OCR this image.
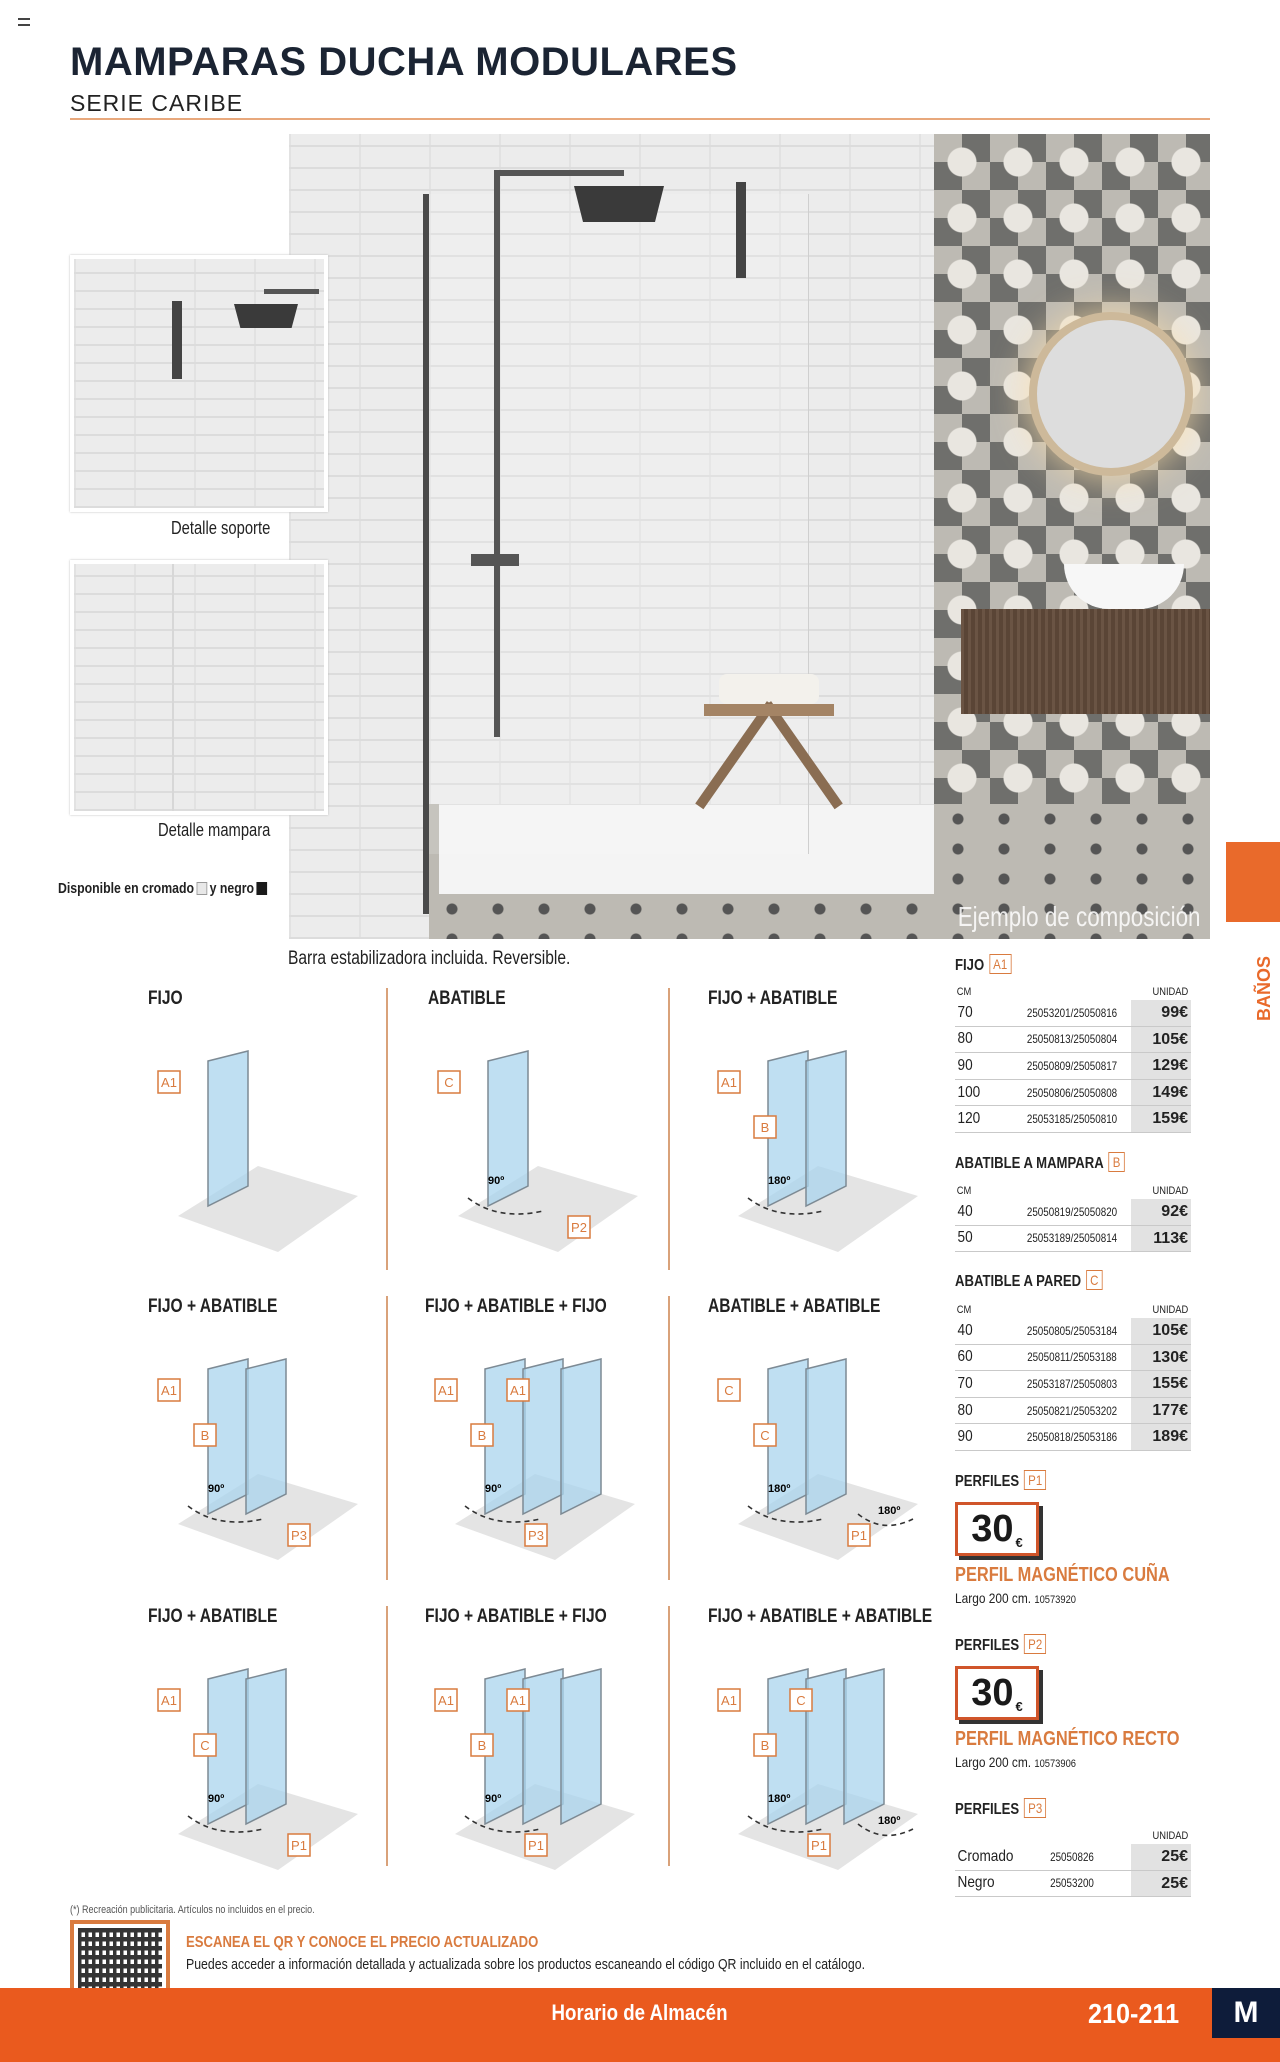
MAMPARAS DUCHA MODULARES
SERIE CARIBE
Ejemplo de composición
Detalle soporte
Detalle mampara
Disponible en cromado y negro
Barra estabilizadora incluida. Reversible.
FIJO
A1
ABATIBLE
C
P2
90º
FIJO + ABATIBLE
A1
B
180º
FIJO + ABATIBLE
A1
B
P3
90º
FIJO + ABATIBLE + FIJO
A1
B
A1
P3
90º
ABATIBLE + ABATIBLE
C
C
P1
180º
180º
FIJO + ABATIBLE
A1
C
P1
90º
FIJO + ABATIBLE + FIJO
A1
B
A1
P1
90º
FIJO + ABATIBLE + ABATIBLE
A1
B
C
P1
180º
180º
FIJO A1
CM	UNIDAD
70	25053201/25050816	99€
80	25050813/25050804	105€
90	25050809/25050817	129€
100	25050806/25050808	149€
120	25053185/25050810	159€
ABATIBLE A MAMPARA B
CM	UNIDAD
40	25050819/25050820	92€
50	25053189/25050814	113€
ABATIBLE A PARED C
CM	UNIDAD
40	25050805/25053184	105€
60	25050811/25053188	130€
70	25053187/25050803	155€
80	25050821/25053202	177€
90	25050818/25053186	189€
PERFILES P1
30 €
PERFIL MAGNÉTICO CUÑA
Largo 200 cm. 10573920
PERFILES P2
30 €
PERFIL MAGNÉTICO RECTO
Largo 200 cm. 10573906
PERFILES P3
UNIDAD
Cromado	25050826	25€
Negro	25053200	25€
BAÑOS
(*) Recreación publicitaria. Artículos no incluidos en el precio.
ESCANEA EL QR Y CONOCE EL PRECIO ACTUALIZADO
Puedes acceder a información detallada y actualizada sobre los productos escaneando el código QR incluido en el catálogo.
Horario de Almacén	210-211	M
